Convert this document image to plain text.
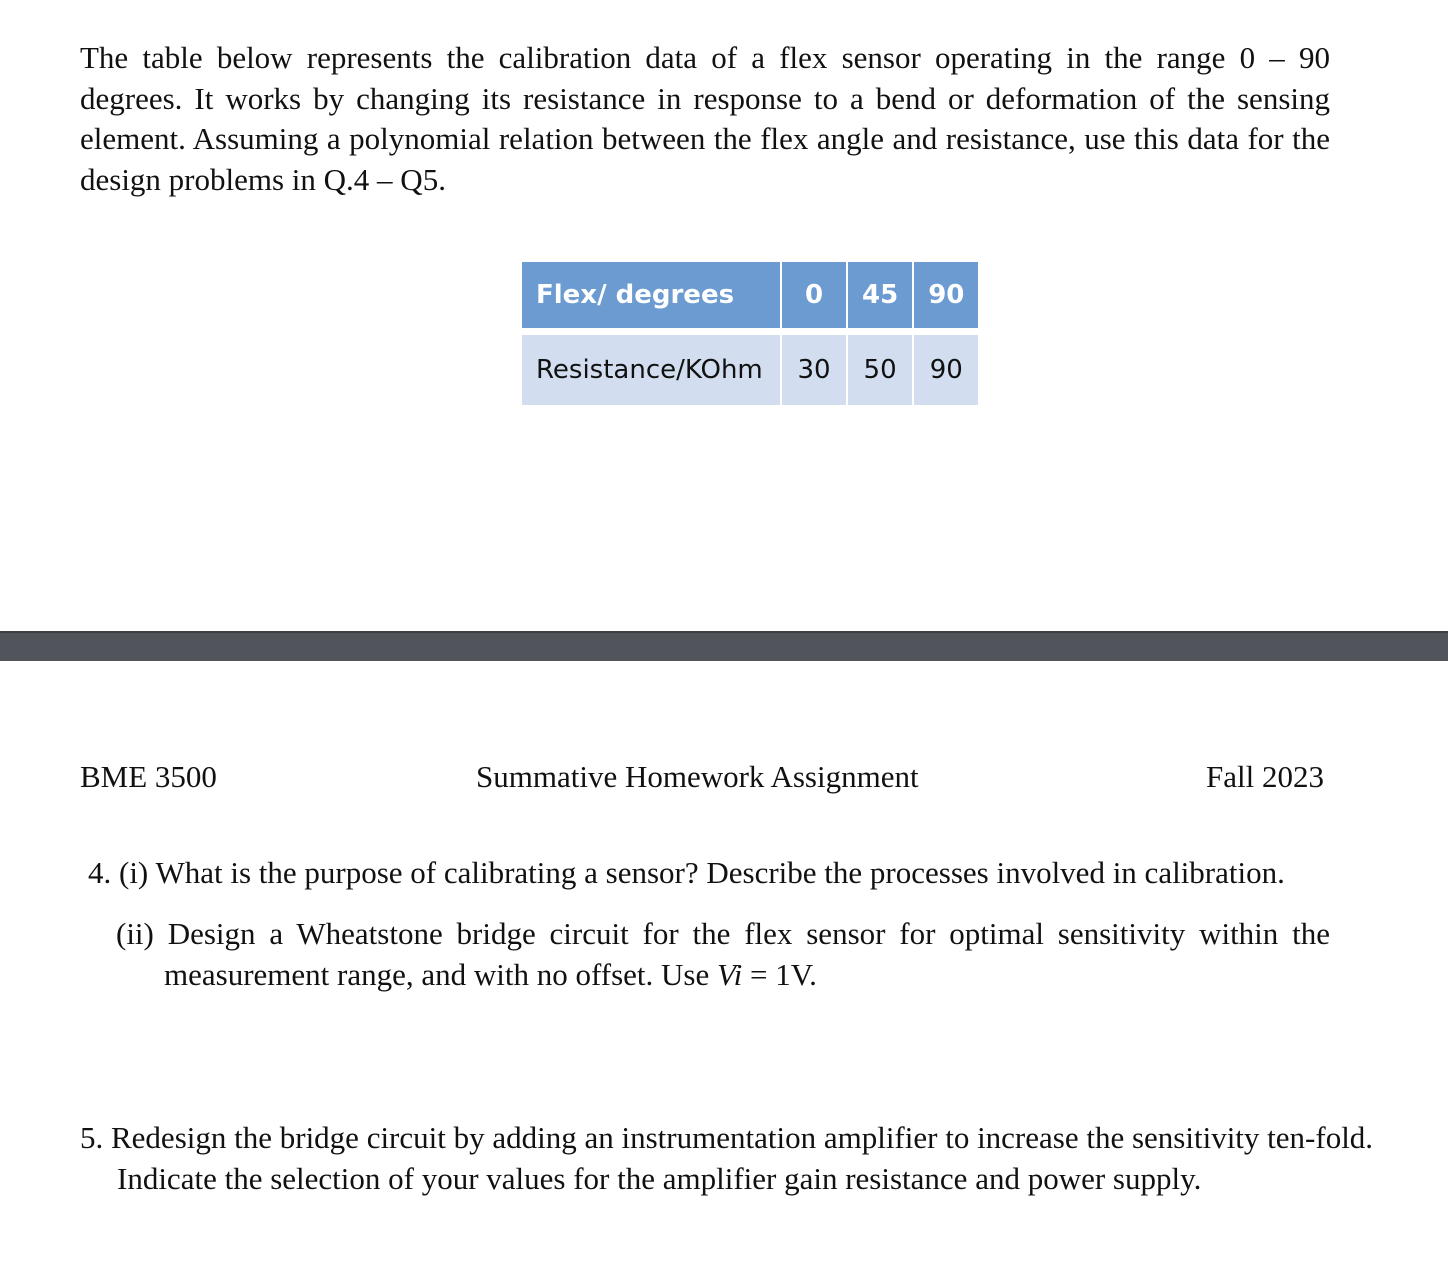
The table below represents the calibration data of a flex sensor operating in the range 0 – 90 degrees. It works by changing its resistance in response to a bend or deformation of the sensing element. Assuming a polynomial relation between the flex angle and resistance, use this data for the design problems in Q.4 – Q5.

Flex/ degrees	0	45	90
Resistance/KOhm	30	50	90

BME 3500	Summative Homework Assignment	Fall 2023

4. (i) What is the purpose of calibrating a sensor? Describe the processes involved in calibration.

(ii) Design a Wheatstone bridge circuit for the flex sensor for optimal sensitivity within the measurement range, and with no offset. Use Vi = 1V.

5. Redesign the bridge circuit by adding an instrumentation amplifier to increase the sensitivity ten-fold. Indicate the selection of your values for the amplifier gain resistance and power supply.
